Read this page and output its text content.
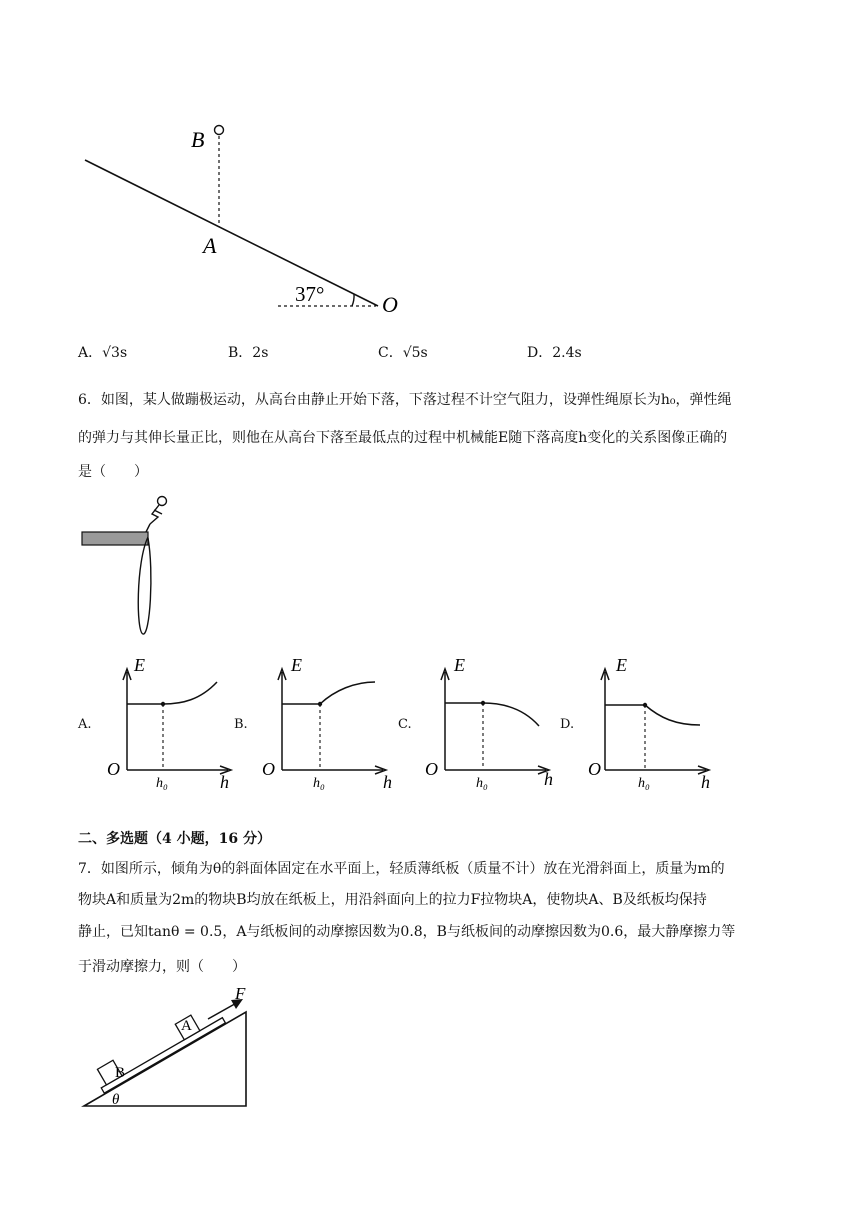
B
A
O
37°
A．√3s	B．2s	C．√5s	D．2.4s
6．如图，某人做蹦极运动，从高台由静止开始下落，下落过程不计空气阻力，设弹性绳原长为h₀，弹性绳
的弹力与其伸长量正比，则他在从高台下落至最低点的过程中机械能E随下落高度h变化的关系图像正确的
是（　　）
A.	B.	C.	D.
E
h
O
h₀
E
h
O
h₀
E
h
O
h₀
E
h
O
h₀
二、多选题（4 小题，16 分）
7．如图所示，倾角为θ的斜面体固定在水平面上，轻质薄纸板（质量不计）放在光滑斜面上，质量为m的
物块A和质量为2m的物块B均放在纸板上，用沿斜面向上的拉力F拉物块A，使物块A、B及纸板均保持
静止，已知tanθ = 0.5，A与纸板间的动摩擦因数为0.8，B与纸板间的动摩擦因数为0.6，最大静摩擦力等
于滑动摩擦力，则（　　）
A
B
F
θ
